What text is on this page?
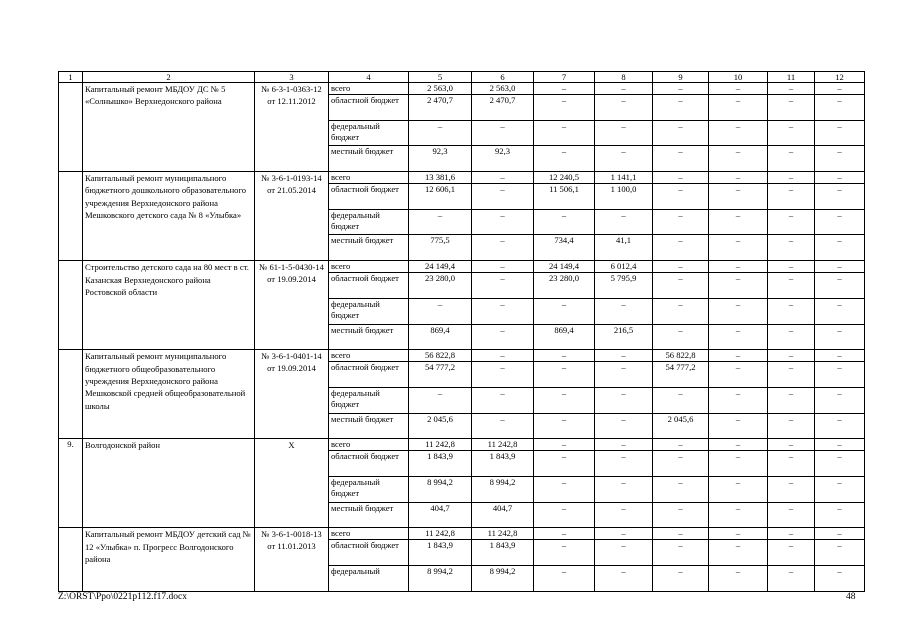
1	2	3	4	5	6	7	8	9	10	11	12
	Капитальный ремонт МБДОУ ДС № 5 «Солнышко» Верхнедонского района	№ 6-3-1-0363-12 от 12.11.2012	всего	2 563,0	2 563,0	–	–	–	–	–	–
			областной бюджет	2 470,7	2 470,7	–	–	–	–	–	–
			федеральный бюджет	–	–	–	–	–	–	–	–
			местный бюджет	92,3	92,3	–	–	–	–	–	–
	Капитальный ремонт муниципального бюджетного дошкольного образовательного учреждения Верхнедонского района Мешковского детского сада № 8 «Улыбка»	№ 3-6-1-0193-14 от 21.05.2014	всего	13 381,6	–	12 240,5	1 141,1	–	–	–	–
			областной бюджет	12 606,1	–	11 506,1	1 100,0	–	–	–	–
			федеральный бюджет	–	–	–	–	–	–	–	–
			местный бюджет	775,5	–	734,4	41,1	–	–	–	–
	Строительство детского сада на 80 мест в ст. Казанская Верхнедонского района Ростовской области	№ 61-1-5-0430-14 от 19.09.2014	всего	24 149,4	–	24 149,4	6 012,4	–	–	–	–
			областной бюджет	23 280,0	–	23 280,0	5 795,9	–	–	–	–
			федеральный бюджет	–	–	–	–	–	–	–	–
			местный бюджет	869,4	–	869,4	216,5	–	–	–	–
	Капитальный ремонт муниципального бюджетного общеобразовательного учреждения Верхнедонского района Мешковской средней общеобразовательной школы	№ 3-6-1-0401-14 от 19.09.2014	всего	56 822,8	–	–	–	56 822,8	–	–	–
			областной бюджет	54 777,2	–	–	–	54 777,2	–	–	–
			федеральный бюджет	–	–	–	–	–	–	–	–
			местный бюджет	2 045,6	–	–	–	2 045,6	–	–	–
9.	Волгодонской район	Х	всего	11 242,8	11 242,8	–	–	–	–	–	–
			областной бюджет	1 843,9	1 843,9	–	–	–	–	–	–
			федеральный бюджет	8 994,2	8 994,2	–	–	–	–	–	–
			местный бюджет	404,7	404,7	–	–	–	–	–	–
	Капитальный ремонт МБДОУ детский сад № 12 «Улыбка» п. Прогресс Волгодонского района	№ 3-6-1-0018-13 от 11.01.2013	всего	11 242,8	11 242,8	–	–	–	–	–	–
			областной бюджет	1 843,9	1 843,9	–	–	–	–	–	–
			федеральный	8 994,2	8 994,2	–	–	–	–	–	–
Z:\ORST\Ppo\0221p112.f17.docx	48
